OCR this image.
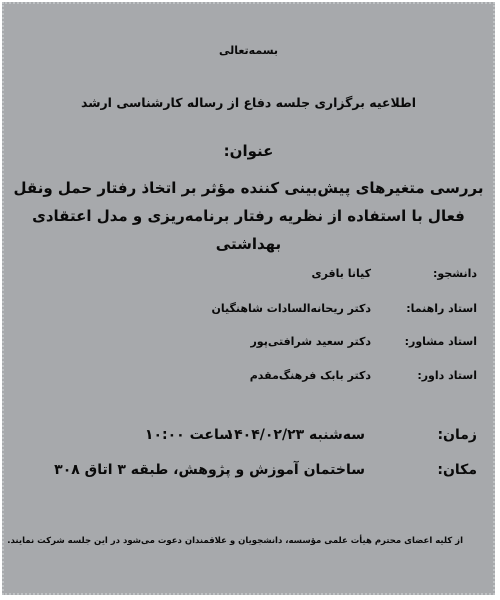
بسمه‌تعالی
اطلاعیه برگزاری جلسه دفاع از رساله کارشناسی ارشد
عنوان:
بررسی متغیرهای پیش‌بینی کننده مؤثر بر اتخاذ رفتار حمل ونقل فعال با استفاده از نظریه رفتار برنامه‌ریزی و مدل اعتقادی بهداشتی
دانشجو:
کیانا باقری
استاد راهنما:
دکتر ریحانه‌السادات شاهنگیان
استاد مشاور:
دکتر سعید شرافتی‌پور
استاد داور:
دکتر بابک فرهنگ‌مقدم
زمان:
سه‌شنبه ۱۴۰۴/۰۲/۲۳
ساعت ۱۰:۰۰
مکان:
ساختمان آموزش و پژوهش، طبقه ۳ اتاق ۳۰۸
از کلیه اعضای محترم هیأت علمی مؤسسه، دانشجویان و علاقمندان دعوت می‌شود در این جلسه شرکت نمایند.
